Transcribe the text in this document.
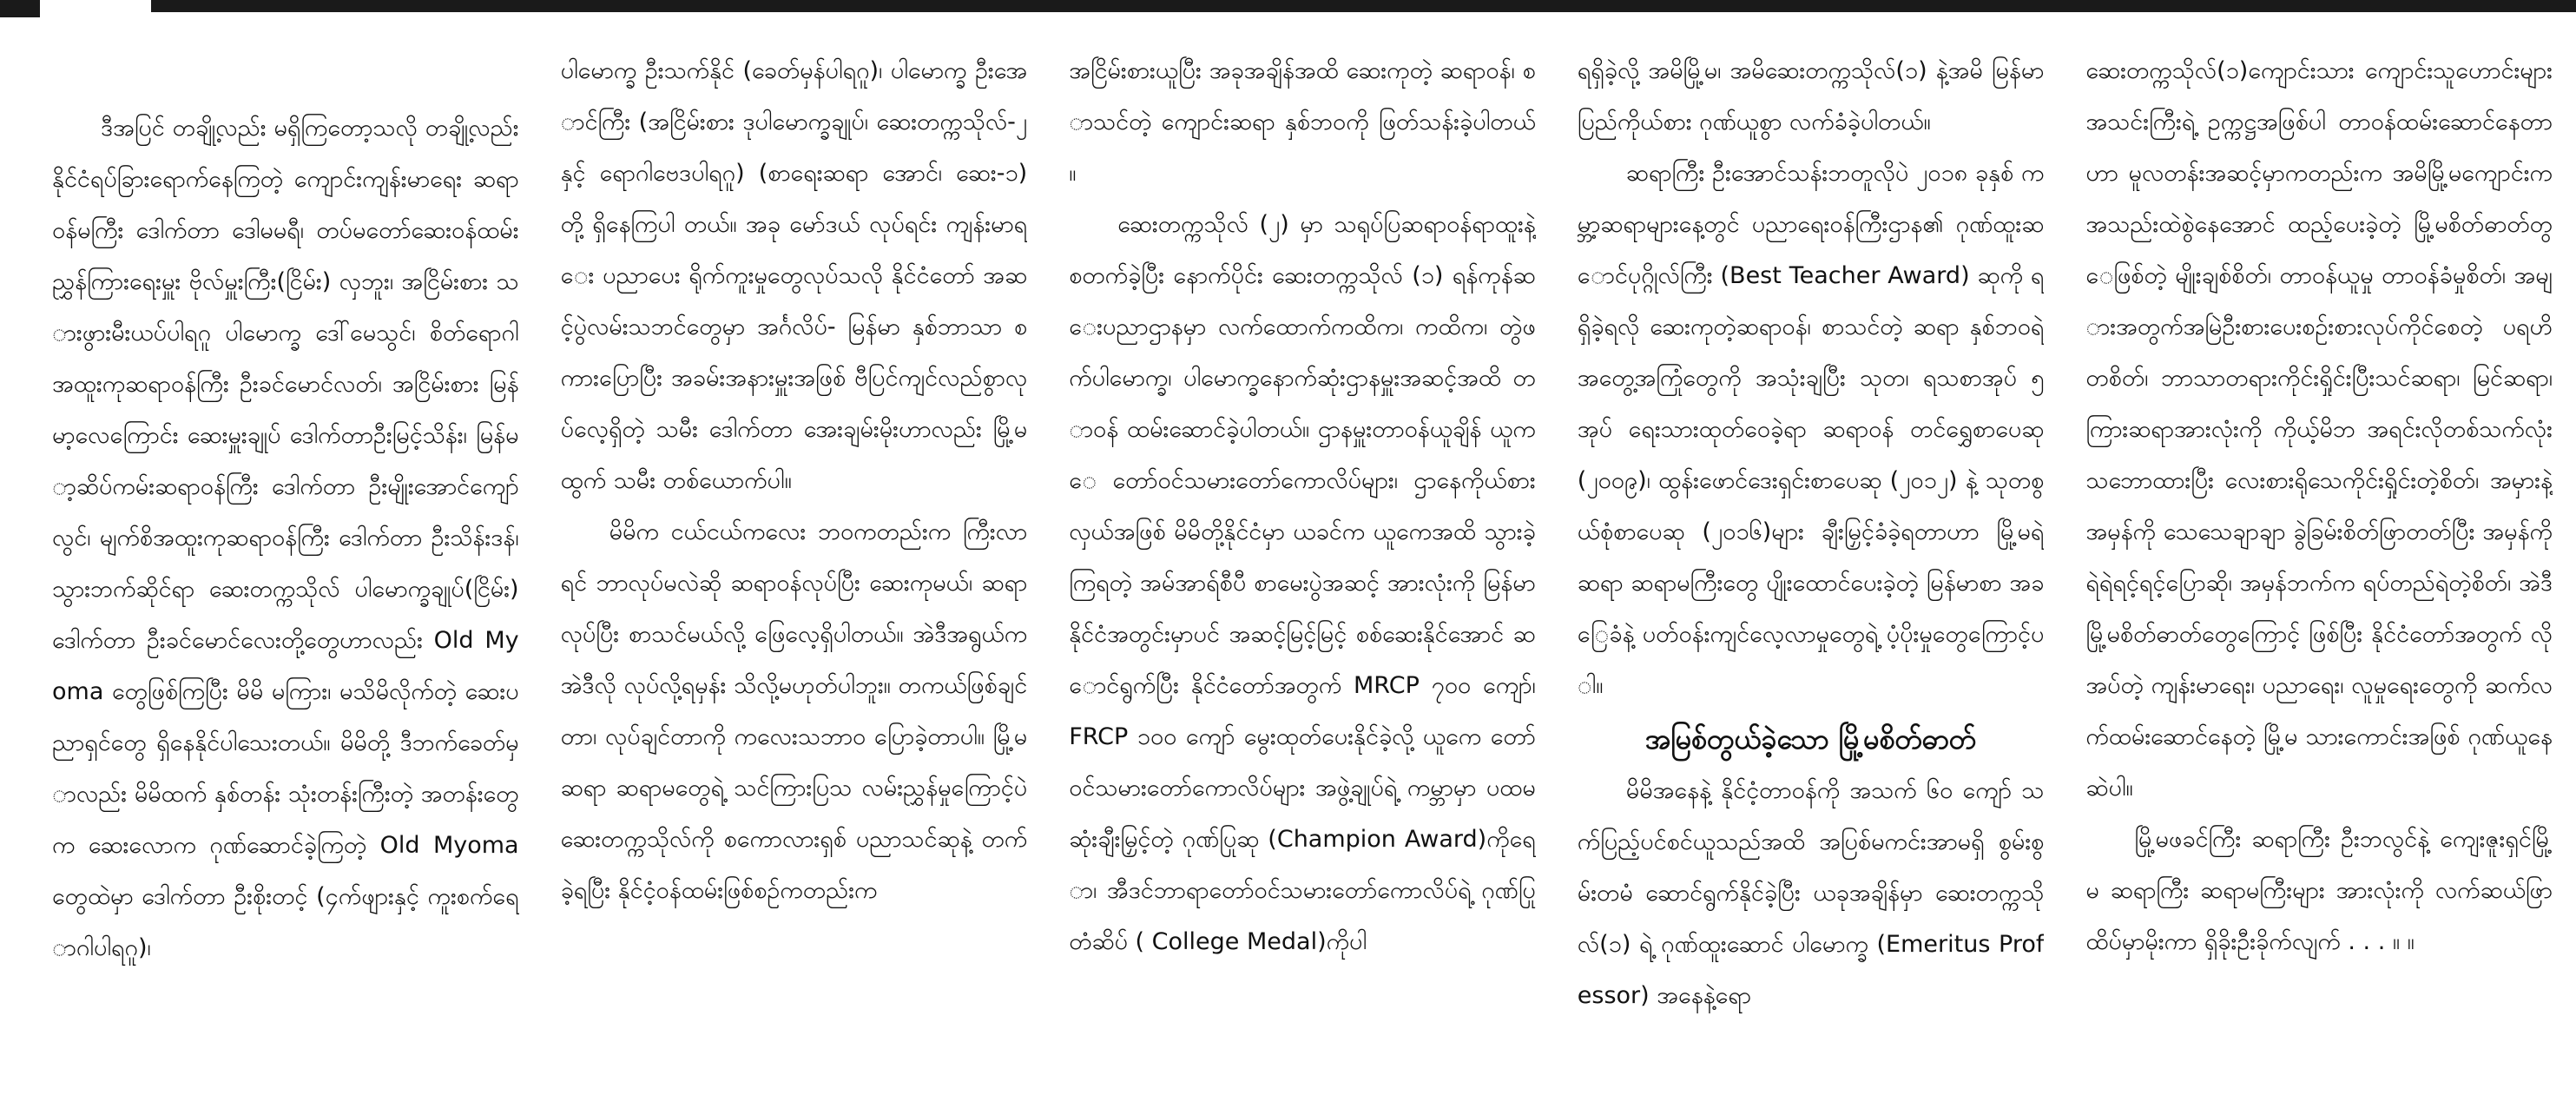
ဒီအပြင် တချို့လည်း မရှိကြတော့သလို တချို့လည်း နိုင်ငံရပ်ခြားရောက်နေကြတဲ့ ကျောင်းကျန်းမာရေး ဆရာဝန်မကြီး ဒေါက်တာ ဒေါမမရီ၊ တပ်မတော်ဆေးဝန်ထမ်းညွှန်ကြားရေးမှူး ဗိုလ်မှူးကြီး(ငြိမ်း) လှဘူး၊ အငြိမ်းစား သားဖွားမီးယပ်ပါရဂူ ပါမောက္ခ ဒေါ်မေသွင်၊ စိတ်ရောဂါအထူးကုဆရာဝန်ကြီး ဦးခင်မောင်လတ်၊ အငြိမ်းစား မြန်မာ့လေကြောင်း ဆေးမှူးချုပ် ဒေါက်တာဦးမြင့်သိန်း၊ မြန်မာ့ဆိပ်ကမ်းဆရာဝန်ကြီး ဒေါက်တာ ဦးမျိုးအောင်ကျော်လွင်၊ မျက်စိအထူးကုဆရာဝန်ကြီး ဒေါက်တာ ဦးသိန်းဒန်၊ သွားဘက်ဆိုင်ရာ ဆေးတက္ကသိုလ် ပါမောက္ခချုပ်(ငြိမ်း) ဒေါက်တာ ဦးခင်မောင်လေးတို့တွေဟာလည်း Old Myoma တွေဖြစ်ကြပြီး မိမိ မကြား၊ မသိမိလိုက်တဲ့ ဆေးပညာရှင်တွေ ရှိနေနိုင်ပါသေးတယ်။ မိမိတို့ ဒီဘက်ခေတ်မှာလည်း မိမိထက် နှစ်တန်း သုံးတန်းကြီးတဲ့ အတန်းတွေက ဆေးလောက ဂုဏ်ဆောင်ခဲ့ကြတဲ့ Old Myoma တွေထဲမှာ ဒေါက်တာ ဦးစိုးတင့် (၄က်ဖျားနှင့် ကူးစက်ရောဂါပါရဂူ)၊

ပါမောက္ခ ဦးသက်နိုင် (ခေတ်မှန်ပါရဂူ)၊ ပါမောက္ခ ဦးအောင်ကြီး (အငြိမ်းစား ဒုပါမောက္ခချုပ်၊ ဆေးတက္ကသိုလ်-၂ နှင့် ရောဂါဗေဒပါရဂူ) (စာရေးဆရာ အောင်၊ ဆေး-၁) တို့ ရှိနေကြပါ တယ်။ အခု မော်ဒယ် လုပ်ရင်း ကျန်းမာရေး ပညာပေး ရိုက်ကူးမှုတွေလုပ်သလို နိုင်ငံတော် အဆင့်ပွဲလမ်းသဘင်တွေမှာ အင်္ဂလိပ်- မြန်မာ နှစ်ဘာသာ စကားပြောပြီး အခမ်းအနားမှူးအဖြစ် ဗီပြင်ကျင်လည်စွာလုပ်လေ့ရှိတဲ့ သမီး ဒေါက်တာ အေးချမ်းမိုးဟာလည်း မြို့မထွက် သမီး တစ်ယောက်ပါ။

မိမိက ငယ်ငယ်ကလေး ဘဝကတည်းက ကြီးလာရင် ဘာလုပ်မလဲဆို ဆရာဝန်လုပ်ပြီး ဆေးကုမယ်၊ ဆရာလုပ်ပြီး စာသင်မယ်လို့ ဖြေလေ့ရှိပါတယ်။ အဲဒီအရွယ်က အဲဒီလို လုပ်လို့ရမှန်း သိလို့မဟုတ်ပါဘူး။ တကယ်ဖြစ်ချင်တာ၊ လုပ်ချင်တာကို ကလေးသဘာဝ ပြောခဲ့တာပါ။ မြို့မ ဆရာ ဆရာမတွေရဲ့ သင်ကြားပြသ လမ်းညွှန်မှုကြောင့်ပဲ ဆေးတက္ကသိုလ်ကို စကောလားရှစ် ပညာသင်ဆုနဲ့ တက်ခဲ့ရပြီး နိုင်ငံ့ဝန်ထမ်းဖြစ်စဉ်ကတည်းက

အငြိမ်းစားယူပြီး အခုအချိန်အထိ ဆေးကုတဲ့ ဆရာဝန်၊ စာသင်တဲ့ ကျောင်းဆရာ နှစ်ဘဝကို ဖြတ်သန်းခဲ့ပါတယ်။

ဆေးတက္ကသိုလ် (၂) မှာ သရုပ်ပြဆရာဝန်ရာထူးနဲ့စတက်ခဲ့ပြီး နောက်ပိုင်း ဆေးတက္ကသိုလ် (၁) ရန်ကုန်ဆေးပညာဌာနမှာ လက်ထောက်ကထိက၊ ကထိက၊ တွဲဖက်ပါမောက္ခ၊ ပါမောက္ခနောက်ဆုံးဌာနမှူးအဆင့်အထိ တာဝန် ထမ်းဆောင်ခဲ့ပါတယ်။ ဌာနမှူးတာဝန်ယူချိန် ယူကေ တော်ဝင်သမားတော်ကောလိပ်များ၊ ဌာနေကိုယ်စားလှယ်အဖြစ် မိမိတို့နိုင်ငံမှာ ယခင်က ယူကေအထိ သွားခဲ့ကြရတဲ့ အမ်အာရ်စီပီ စာမေးပွဲအဆင့် အားလုံးကို မြန်မာနိုင်ငံအတွင်းမှာပင် အဆင့်မြင့်မြင့် စစ်ဆေးနိုင်အောင် ဆောင်ရွက်ပြီး နိုင်ငံတော်အတွက် MRCP ၇၀၀ ကျော်၊ FRCP ၁၀၀ ကျော် မွေးထုတ်ပေးနိုင်ခဲ့လို့ ယူကေ တော်ဝင်သမားတော်ကောလိပ်များ အဖွဲ့ချုပ်ရဲ့ ကမ္ဘာမှာ ပထမဆုံးချီးမြှင့်တဲ့ ဂုဏ်ပြုဆု (Champion Award)ကိုရော၊ အီဒင်ဘာရာတော်ဝင်သမားတော်ကောလိပ်ရဲ့ ဂုဏ်ပြုတံဆိပ် ( College Medal)ကိုပါ

ရရှိခဲ့လို့ အမိမြို့မ၊ အမိဆေးတက္ကသိုလ်(၁) နဲ့အမိ မြန်မာ ပြည်ကိုယ်စား ဂုဏ်ယူစွာ လက်ခံခဲ့ပါတယ်။

ဆရာကြီး ဦးအောင်သန်းဘတူလိုပဲ ၂၀၁၈ ခုနှစ် ကမ္ဘာ့ဆရာများနေ့တွင် ပညာရေးဝန်ကြီးဌာန၏ ဂုဏ်ထူးဆောင်ပုဂ္ဂိုလ်ကြီး (Best Teacher Award) ဆုကို ရရှိခဲ့ရလို ဆေးကုတဲ့ဆရာဝန်၊ စာသင်တဲ့ ဆရာ နှစ်ဘဝရဲ့ အတွေ့အကြုံတွေကို အသုံးချပြီး သုတ၊ ရသစာအုပ် ၅ အုပ် ရေးသားထုတ်ဝေခဲ့ရာ ဆရာဝန် တင်ရွှေစာပေဆု (၂၀၀၉)၊ ထွန်းဖောင်ဒေးရှင်းစာပေဆု (၂၀၁၂) နဲ့ သုတစွယ်စုံစာပေဆု (၂၀၁၆)များ ချီးမြှင့်ခံခဲ့ရတာဟာ မြို့မရဲ့ ဆရာ ဆရာမကြီးတွေ ပျိုးထောင်ပေးခဲ့တဲ့ မြန်မာစာ အခြေခံနဲ့ ပတ်ဝန်းကျင်လေ့လာမှုတွေရဲ့ ပံ့ပိုးမှုတွေကြောင့်ပါ။

အမြစ်တွယ်ခဲ့သော မြို့မစိတ်ဓာတ်

မိမိအနေနဲ့ နိုင်ငံ့တာဝန်ကို အသက် ၆၀ ကျော် သက်ပြည့်ပင်စင်ယူသည်အထိ အပြစ်မကင်းအာမရှိ စွမ်းစွမ်းတမံ ဆောင်ရွက်နိုင်ခဲ့ပြီး ယခုအချိန်မှာ ဆေးတက္ကသိုလ်(၁) ရဲ့ ဂုဏ်ထူးဆောင် ပါမောက္ခ (Emeritus Professor) အနေနဲ့ရော

ဆေးတက္ကသိုလ်(၁)ကျောင်းသား ကျောင်းသူဟောင်းများအသင်းကြီးရဲ့ ဥက္ကဋ္ဌအဖြစ်ပါ တာဝန်ထမ်းဆောင်နေတာဟာ မူလတန်းအဆင့်မှာကတည်းက အမိမြို့မကျောင်းက အသည်းထဲစွဲနေအောင် ထည့်ပေးခဲ့တဲ့ မြို့မစိတ်ဓာတ်တွေဖြစ်တဲ့ မျိုးချစ်စိတ်၊ တာဝန်ယူမှု တာဝန်ခံမှုစိတ်၊ အများအတွက်အမြဲဦးစားပေးစဉ်းစားလုပ်ကိုင်စေတဲ့ ပရဟိတစိတ်၊ ဘာသာတရားကိုင်းရှိုင်းပြီးသင်ဆရာ၊ မြင်ဆရာ၊ ကြားဆရာအားလုံးကို ကိုယ့်မိဘ အရင်းလိုတစ်သက်လုံး သဘောထားပြီး လေးစားရိုသေကိုင်းရှိုင်းတဲ့စိတ်၊ အမှားနဲ့ အမှန်ကို သေသေချာချာ ခွဲခြမ်းစိတ်ဖြာတတ်ပြီး အမှန်ကို ရဲရဲရင့်ရင့်ပြောဆို၊ အမှန်ဘက်က ရပ်တည်ရဲတဲ့စိတ်၊ အဲဒီ မြို့မစိတ်ဓာတ်တွေကြောင့် ဖြစ်ပြီး နိုင်ငံတော်အတွက် လိုအပ်တဲ့ ကျန်းမာရေး၊ ပညာရေး၊ လူမှုရေးတွေကို ဆက်လက်ထမ်းဆောင်နေတဲ့ မြို့မ သားကောင်းအဖြစ် ဂုဏ်ယူနေဆဲပါ။

မြို့မဖခင်ကြီး ဆရာကြီး ဦးဘလွင်နဲ့ ကျေးဇူးရှင်မြို့မ ဆရာကြီး ဆရာမကြီးများ အားလုံးကို လက်ဆယ်ဖြာ ထိပ်မှာမိုးကာ ရှိခိုးဦးခိုက်လျက် . . . ။ ။
